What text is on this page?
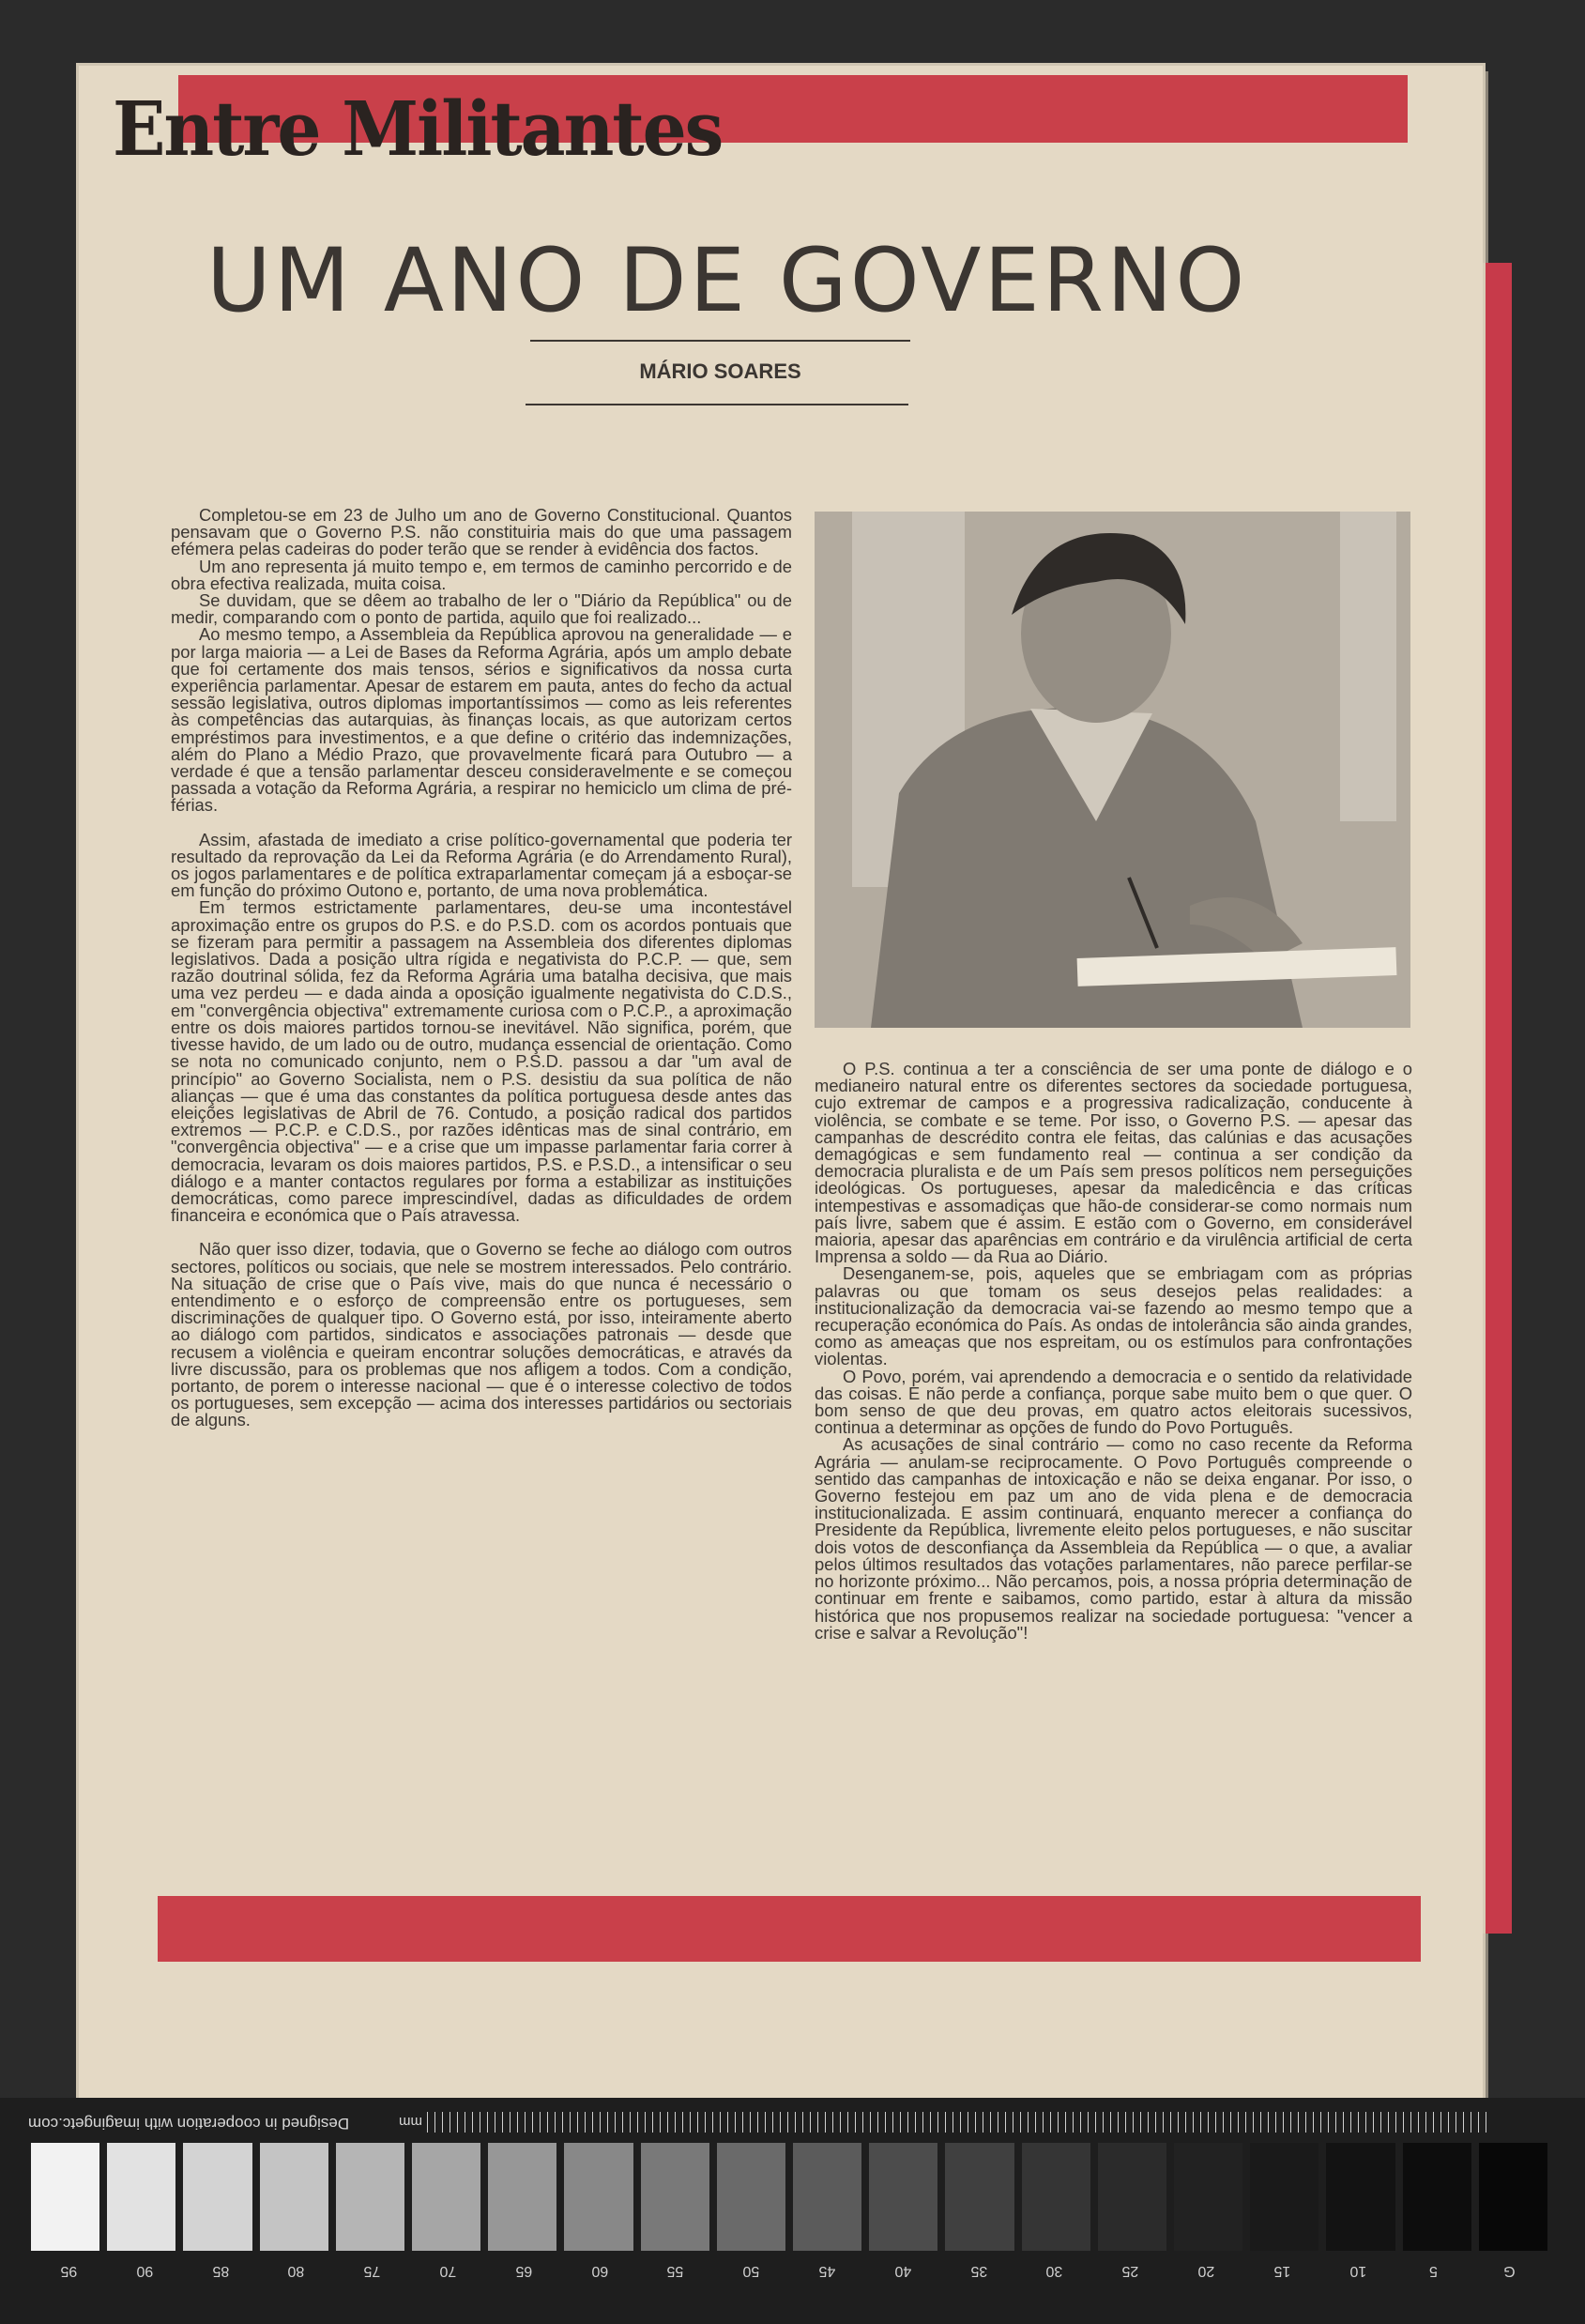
Entre Militantes
UM ANO DE GOVERNO
MÁRIO SOARES

Completou-se em 23 de Julho um ano de Governo Constitucional. Quantos pensavam que o Governo P.S. não constituiria mais do que uma passagem efémera pelas cadeiras do poder terão que se render à evidência dos factos.

Um ano representa já muito tempo e, em termos de caminho percorrido e de obra efectiva realizada, muita coisa.

Se duvidam, que se dêem ao trabalho de ler o "Diário da República" ou de medir, comparando com o ponto de partida, aquilo que foi realizado...

Ao mesmo tempo, a Assembleia da República aprovou na generalidade — e por larga maioria — a Lei de Bases da Reforma Agrária, após um amplo debate que foi certamente dos mais tensos, sérios e significativos da nossa curta experiência parlamentar. Apesar de estarem em pauta, antes do fecho da actual sessão legislativa, outros diplomas importantíssimos — como as leis referentes às competências das autarquias, às finanças locais, as que autorizam certos empréstimos para investimentos, e a que define o critério das indemnizações, além do Plano a Médio Prazo, que provavelmente ficará para Outubro — a verdade é que a tensão parlamentar desceu consideravelmente e se começou passada a votação da Reforma Agrária, a respirar no hemiciclo um clima de pré-férias.

Assim, afastada de imediato a crise político-governamental que poderia ter resultado da reprovação da Lei da Reforma Agrária (e do Arrendamento Rural), os jogos parlamentares e de política extraparlamentar começam já a esboçar-se em função do próximo Outono e, portanto, de uma nova problemática.

Em termos estrictamente parlamentares, deu-se uma incontestável aproximação entre os grupos do P.S. e do P.S.D. com os acordos pontuais que se fizeram para permitir a passagem na Assembleia dos diferentes diplomas legislativos. Dada a posição ultra rígida e negativista do P.C.P. — que, sem razão doutrinal sólida, fez da Reforma Agrária uma batalha decisiva, que mais uma vez perdeu — e dada ainda a oposição igualmente negativista do C.D.S., em "convergência objectiva" extremamente curiosa com o P.C.P., a aproximação entre os dois maiores partidos tornou-se inevitável. Não significa, porém, que tivesse havido, de um lado ou de outro, mudança essencial de orientação. Como se nota no comunicado conjunto, nem o P.S.D. passou a dar "um aval de princípio" ao Governo Socialista, nem o P.S. desistiu da sua política de não alianças — que é uma das constantes da política portuguesa desde antes das eleições legislativas de Abril de 76. Contudo, a posição radical dos partidos extremos — P.C.P. e C.D.S., por razões idênticas mas de sinal contrário, em "convergência objectiva" — e a crise que um impasse parlamentar faria correr à democracia, levaram os dois maiores partidos, P.S. e P.S.D., a intensificar o seu diálogo e a manter contactos regulares por forma a estabilizar as instituições democráticas, como parece imprescindível, dadas as dificuldades de ordem financeira e económica que o País atravessa.

Não quer isso dizer, todavia, que o Governo se feche ao diálogo com outros sectores, políticos ou sociais, que nele se mostrem interessados. Pelo contrário. Na situação de crise que o País vive, mais do que nunca é necessário o entendimento e o esforço de compreensão entre os portugueses, sem discriminações de qualquer tipo. O Governo está, por isso, inteiramente aberto ao diálogo com partidos, sindicatos e associações patronais — desde que recusem a violência e queiram encontrar soluções democráticas, e através da livre discussão, para os problemas que nos afligem a todos. Com a condição, portanto, de porem o interesse nacional — que é o interesse colectivo de todos os portugueses, sem excepção — acima dos interesses partidários ou sectoriais de alguns.

O P.S. continua a ter a consciência de ser uma ponte de diálogo e o medianeiro natural entre os diferentes sectores da sociedade portuguesa, cujo extremar de campos e a progressiva radicalização, conducente à violência, se combate e se teme. Por isso, o Governo P.S. — apesar das campanhas de descrédito contra ele feitas, das calúnias e das acusações demagógicas e sem fundamento real — continua a ser condição da democracia pluralista e de um País sem presos políticos nem perseguições ideológicas. Os portugueses, apesar da maledicência e das críticas intempestivas e assomadiças que hão-de considerar-se como normais num país livre, sabem que é assim. E estão com o Governo, em considerável maioria, apesar das aparências em contrário e da virulência artificial de certa Imprensa a soldo — da Rua ao Diário.

Desenganem-se, pois, aqueles que se embriagam com as próprias palavras ou que tomam os seus desejos pelas realidades: a institucionalização da democracia vai-se fazendo ao mesmo tempo que a recuperação económica do País. As ondas de intolerância são ainda grandes, como as ameaças que nos espreitam, ou os estímulos para confrontações violentas.

O Povo, porém, vai aprendendo a democracia e o sentido da relatividade das coisas. E não perde a confiança, porque sabe muito bem o que quer. O bom senso de que deu provas, em quatro actos eleitorais sucessivos, continua a determinar as opções de fundo do Povo Português.

As acusações de sinal contrário — como no caso recente da Reforma Agrária — anulam-se reciprocamente. O Povo Português compreende o sentido das campanhas de intoxicação e não se deixa enganar. Por isso, o Governo festejou em paz um ano de vida plena e de democracia institucionalizada. E assim continuará, enquanto merecer a confiança do Presidente da República, livremente eleito pelos portugueses, e não suscitar dois votos de desconfiança da Assembleia da República — o que, a avaliar pelos últimos resultados das votações parlamentares, não parece perfilar-se no horizonte próximo... Não percamos, pois, a nossa própria determinação de continuar em frente e saibamos, como partido, estar à altura da missão histórica que nos propusemos realizar na sociedade portuguesa: "vencer a crise e salvar a Revolução"!

Designed in cooperation with imagingetc.com	mm
95	90	85	80	75	70	65	60	55	50	45	40	35	30	25	20	15	10	5	G
